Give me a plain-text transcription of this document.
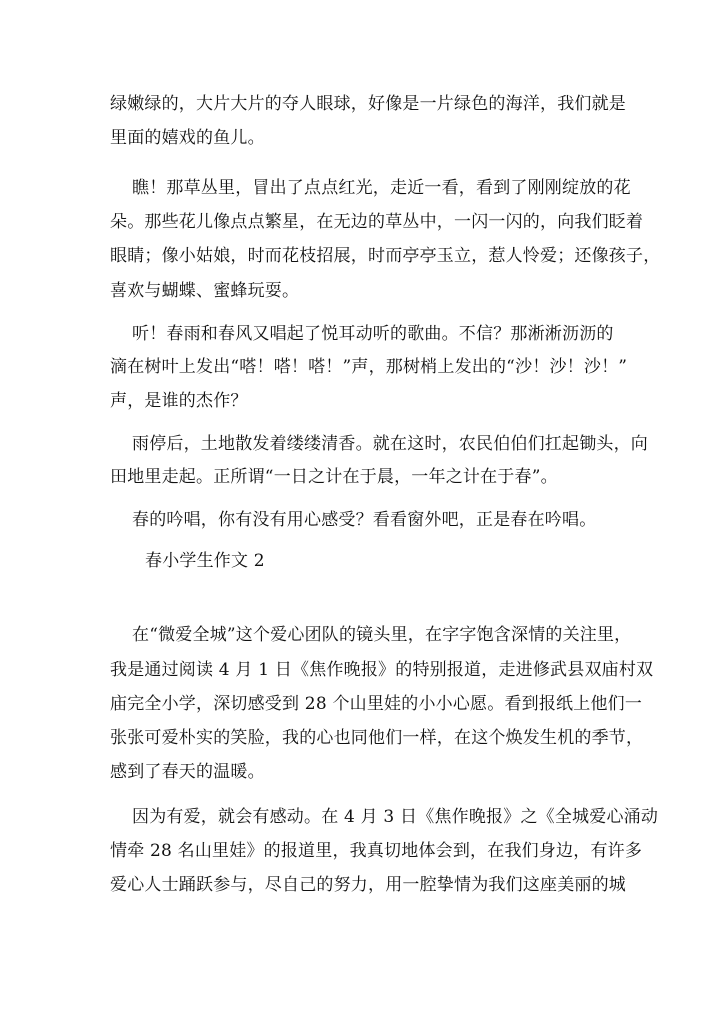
绿嫩绿的，大片大片的夺人眼球，好像是一片绿色的海洋，我们就是
里面的嬉戏的鱼儿。
瞧！那草丛里，冒出了点点红光，走近一看，看到了刚刚绽放的花
朵。那些花儿像点点繁星，在无边的草丛中，一闪一闪的，向我们眨着
眼睛；像小姑娘，时而花枝招展，时而亭亭玉立，惹人怜爱；还像孩子，
喜欢与蝴蝶、蜜蜂玩耍。
听！春雨和春风又唱起了悦耳动听的歌曲。不信？那淅淅沥沥的
滴在树叶上发出“嗒！嗒！嗒！”声，那树梢上发出的“沙！沙！沙！”
声，是谁的杰作？
雨停后，土地散发着缕缕清香。就在这时，农民伯伯们扛起锄头，向
田地里走起。正所谓“一日之计在于晨，一年之计在于春”。
春的吟唱，你有没有用心感受？看看窗外吧，正是春在吟唱。
春小学生作文 2
在“微爱全城”这个爱心团队的镜头里，在字字饱含深情的关注里，
我是通过阅读 4 月 1 日《焦作晚报》的特别报道，走进修武县双庙村双
庙完全小学，深切感受到 28 个山里娃的小小心愿。看到报纸上他们一
张张可爱朴实的笑脸，我的心也同他们一样，在这个焕发生机的季节，
感到了春天的温暖。
因为有爱，就会有感动。在 4 月 3 日《焦作晚报》之《全城爱心涌动
情牵 28 名山里娃》的报道里，我真切地体会到，在我们身边，有许多
爱心人士踊跃参与，尽自己的努力，用一腔挚情为我们这座美丽的城
